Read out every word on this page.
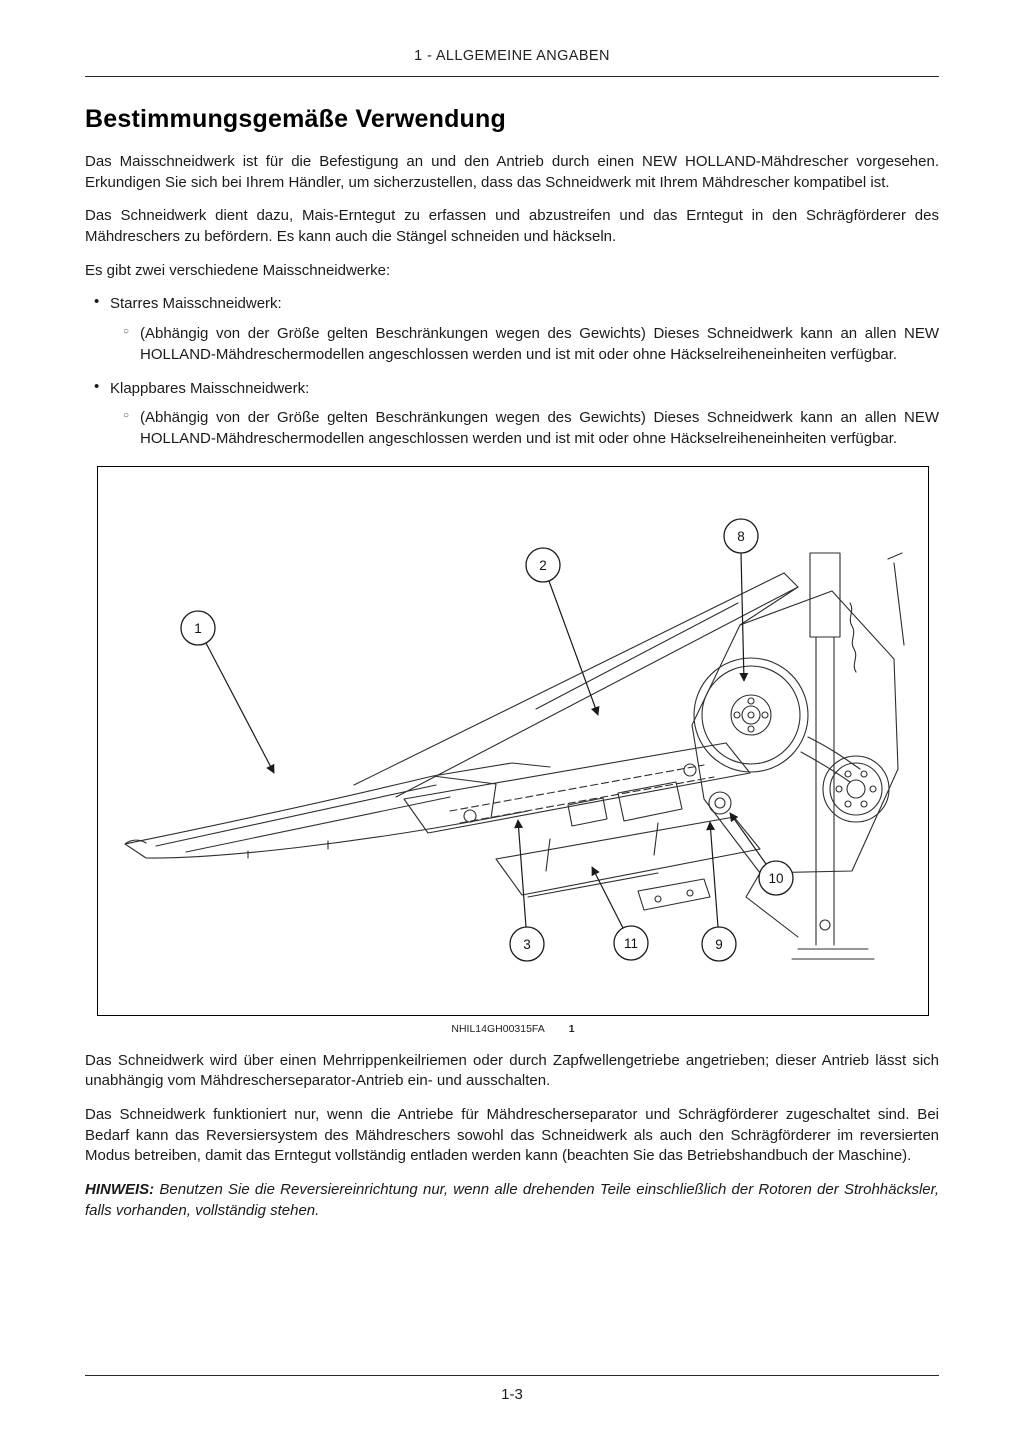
1 - ALLGEMEINE ANGABEN
Bestimmungsgemäße Verwendung

Das Maisschneidwerk ist für die Befestigung an und den Antrieb durch einen NEW HOLLAND-Mähdrescher vorgesehen. Erkundigen Sie sich bei Ihrem Händler, um sicherzustellen, dass das Schneidwerk mit Ihrem Mähdrescher kompatibel ist.

Das Schneidwerk dient dazu, Mais-Erntegut zu erfassen und abzustreifen und das Erntegut in den Schrägförderer des Mähdreschers zu befördern. Es kann auch die Stängel schneiden und häckseln.

Es gibt zwei verschiedene Maisschneidwerke:

• Starres Maisschneidwerk:

○ (Abhängig von der Größe gelten Beschränkungen wegen des Gewichts) Dieses Schneidwerk kann an allen NEW HOLLAND-Mähdreschermodellen angeschlossen werden und ist mit oder ohne Häckselreiheneinheiten verfügbar.

• Klappbares Maisschneidwerk:

○ (Abhängig von der Größe gelten Beschränkungen wegen des Gewichts) Dieses Schneidwerk kann an allen NEW HOLLAND-Mähdreschermodellen angeschlossen werden und ist mit oder ohne Häckselreiheneinheiten verfügbar.

1
2
8
3	11	9
10
NHIL14GH00315FA 1

Das Schneidwerk wird über einen Mehrrippenkeilriemen oder durch Zapfwellengetriebe angetrieben; dieser Antrieb lässt sich unabhängig vom Mähdrescherseparator-Antrieb ein- und ausschalten.

Das Schneidwerk funktioniert nur, wenn die Antriebe für Mähdrescherseparator und Schrägförderer zugeschaltet sind. Bei Bedarf kann das Reversiersystem des Mähdreschers sowohl das Schneidwerk als auch den Schrägförderer im reversierten Modus betreiben, damit das Erntegut vollständig entladen werden kann (beachten Sie das Betriebshandbuch der Maschine).

HINWEIS: Benutzen Sie die Reversiereinrichtung nur, wenn alle drehenden Teile einschließlich der Rotoren der Strohhäcksler, falls vorhanden, vollständig stehen.

1-3
